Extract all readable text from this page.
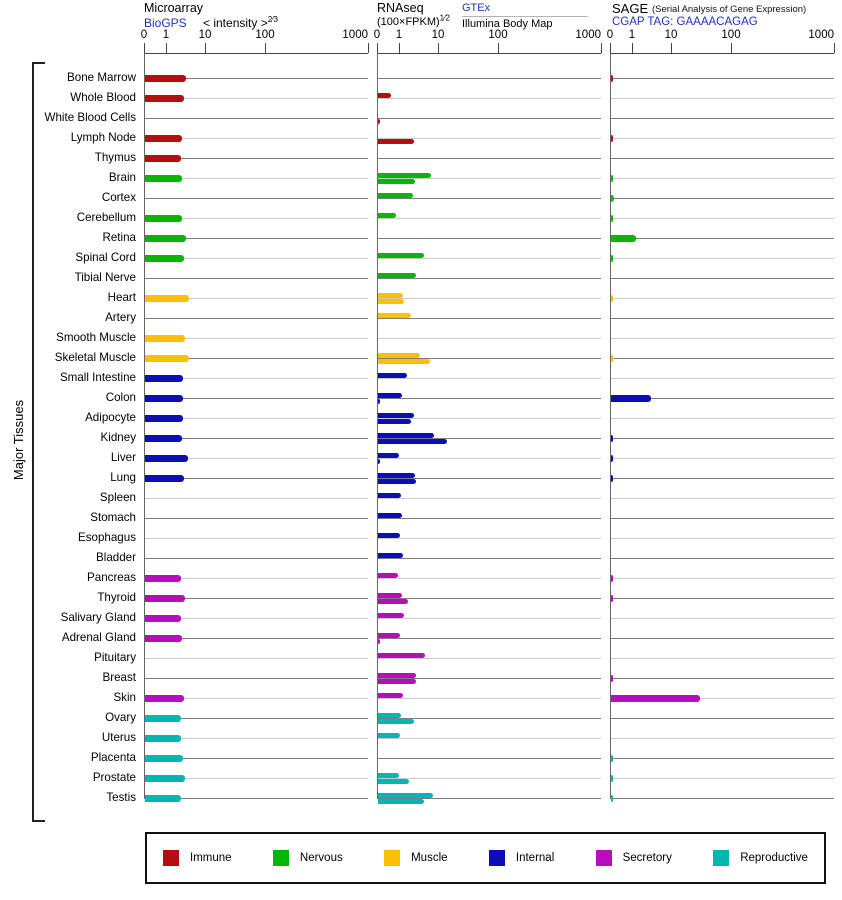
Microarray
BioGPS < intensity >$^{2⁄3}$
RNAseq
(100×FPKM)$^{1⁄2}$
GTEx
Illumina Body Map
SAGE (Serial Analysis of Gene Expression)
CGAP TAG: GAAAACAGAG
Major Tissues
0 1	10	100	1000 0 1	10	100	1000 0 1	10	100	1000
Bone Marrow
Whole Blood
White Blood Cells
Lymph Node
Thymus
Brain
Cortex
Cerebellum
Retina
Spinal Cord
Tibial Nerve
Heart
Artery
Smooth Muscle
Skeletal Muscle
Small Intestine
Colon
Adipocyte
Kidney
Liver
Lung
Spleen
Stomach
Esophagus
Bladder
Pancreas
Thyroid
Salivary Gland
Adrenal Gland
Pituitary
Breast
Skin
Ovary
Uterus
Placenta
Prostate
Testis
Immune	Nervous	Muscle	Internal	Secretory	Reproductive
